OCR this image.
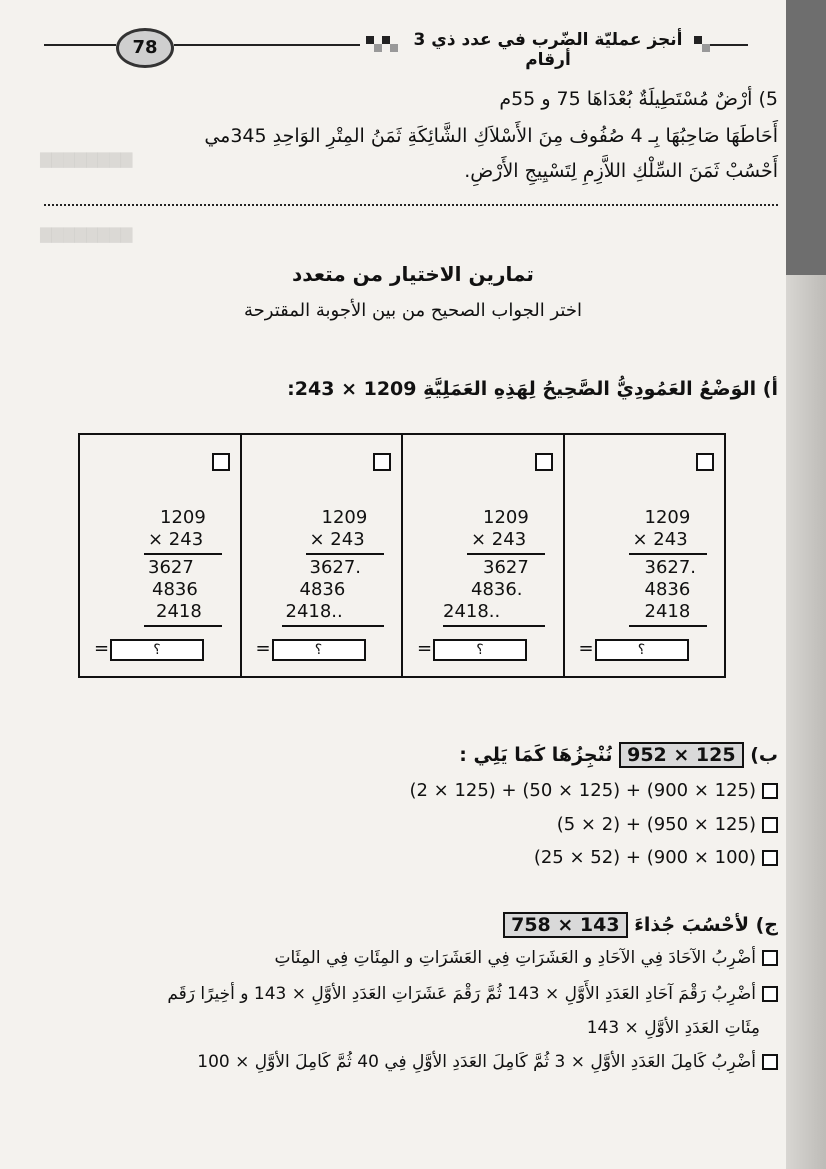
▇▇▇▇▇▇▇▇
▇▇▇▇▇▇▇▇
78	أنجز عمليّة الضّرب في عدد ذي 3 أرقام
5) أرْضٌ مُسْتَطِيلَةٌ بُعْدَاهَا 75 و 55م
أَحَاطَهَا صَاحِبُهَا بِـ 4 صُفُوف مِنَ الأَسْلاَكِ الشَّائِكَةِ ثَمَنُ المِتْرِ الوَاحِدِ 345مي
أَحْسُبْ ثَمَنَ السِّلْكِ اللاَّزِمِ لِتَسْيِيجِ الأَرْضِ.
تمارين الاختيار من متعدد
اختر الجواب الصحيح من بين الأجوبة المقترحة
أ) الوَضْعُ العَمُودِيُّ الصَّحِيحُ لِهَذِهِ العَمَلِيَّةِ 1209 × 243:
1209
× 243
3627
4836
2418
=	؟
1209
× 243
3627.
4836
2418..
=	؟
1209
× 243
3627
4836.
2418..
=	؟
1209
× 243
3627.
4836
2418
=	؟
ب) 952 × 125 نُنْجِزُهَا كَمَا يَلِي :
(2 × 125) + (50 × 125) + (900 × 125)
(5 × 2) + (950 × 125)
(25 × 52) + (900 × 100)
ج) لأحْسُبَ جُذاءَ 758 × 143
أضْرِبُ الآحَادَ فِي الآحَادِ و العَشَرَاتِ فِي العَشَرَاتِ و المِئَاتِ فِي المِئَاتِ
أضْرِبُ رَقْمَ آحَادِ العَدَدِ الأَوَّلِ × 143 ثُمَّ رَقْمَ عَشَرَاتِ العَدَدِ الأوَّلِ × 143 و أخِيرًا رَقَم
مِئَاتِ العَدَدِ الأوَّلِ × 143
أضْرِبُ كَامِلَ العَدَدِ الأوَّلِ × 3 ثُمَّ كَامِلَ العَدَدِ الأوَّلِ فِي 40 ثُمَّ كَامِلَ الأوَّلِ × 100
